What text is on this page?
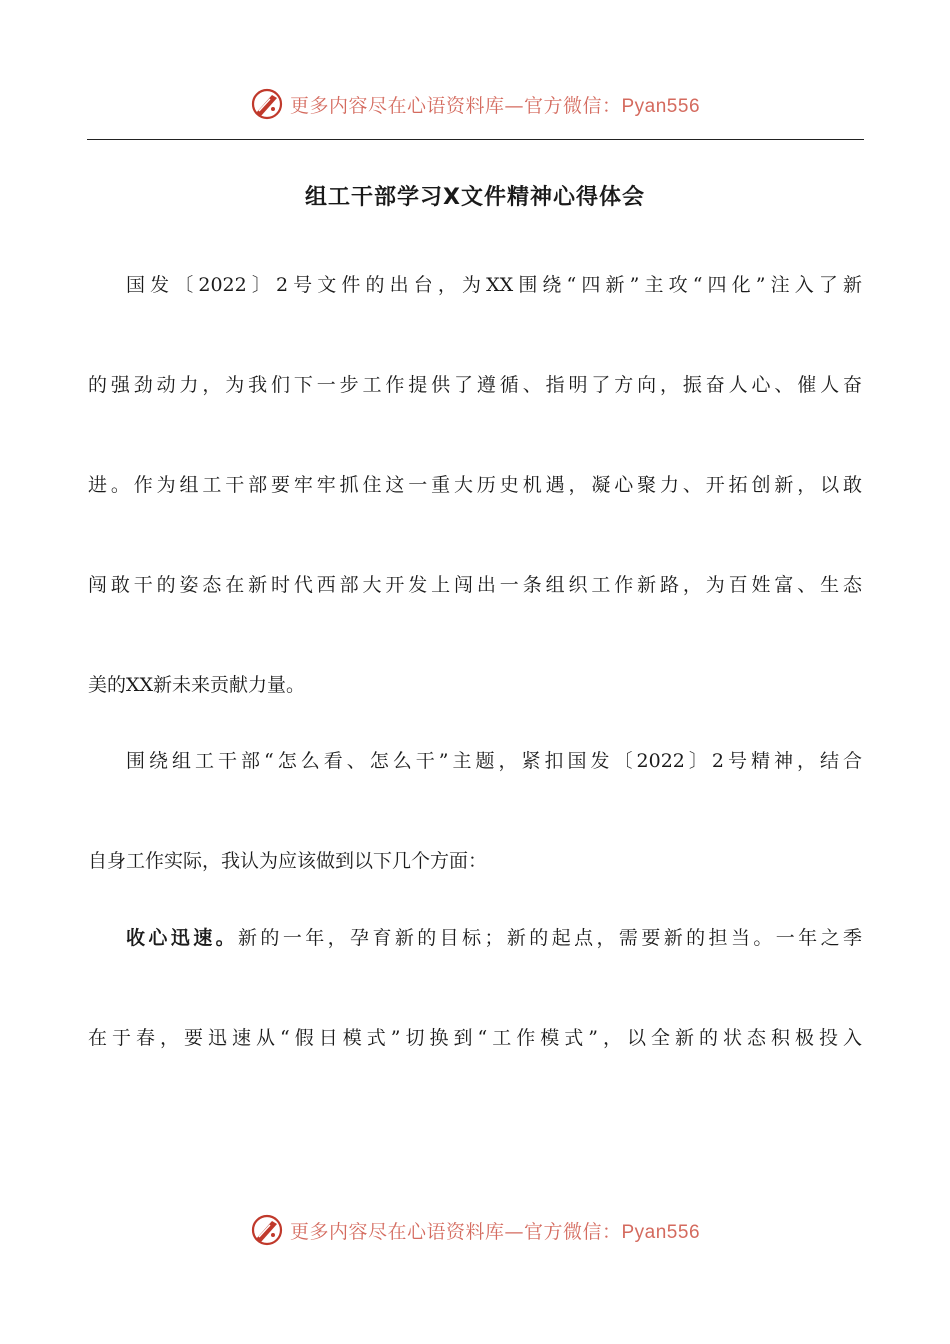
更多内容尽在心语资料库—官方微信：Pyan556
组工干部学习X文件精神心得体会
国发〔2022〕2号文件的出台，为XX围绕“四新”主攻“四化”注入了新
的强劲动力，为我们下一步工作提供了遵循、指明了方向，振奋人心、催人奋
进。作为组工干部要牢牢抓住这一重大历史机遇，凝心聚力、开拓创新，以敢
闯敢干的姿态在新时代西部大开发上闯出一条组织工作新路，为百姓富、生态
美的XX新未来贡献力量。
围绕组工干部“怎么看、怎么干”主题，紧扣国发〔2022〕2号精神，结合
自身工作实际，我认为应该做到以下几个方面：
收心迅速。新的一年，孕育新的目标；新的起点，需要新的担当。一年之季
在于春，要迅速从“假日模式”切换到“工作模式”，以全新的状态积极投入
更多内容尽在心语资料库—官方微信：Pyan556
